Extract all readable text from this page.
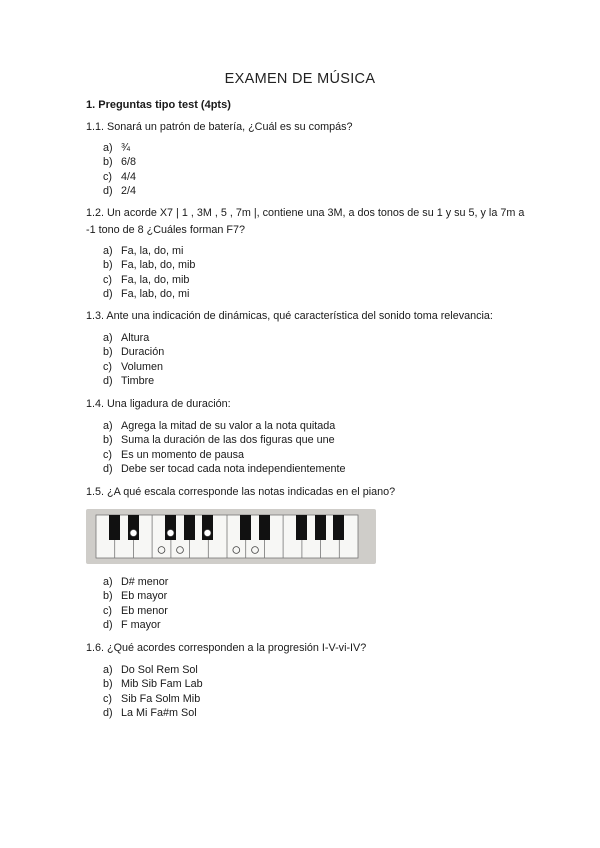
EXAMEN DE MÚSICA
1. Preguntas tipo test (4pts)
1.1. Sonará un patrón de batería, ¿Cuál es su compás?
a) ¾
b) 6/8
c) 4/4
d) 2/4
1.2. Un acorde X7 | 1 , 3M , 5 , 7m |, contiene una 3M, a dos tonos de su 1 y su 5, y la 7m a -1 tono de 8 ¿Cuáles forman F7?
a) Fa, la, do, mi
b) Fa, lab, do, mib
c) Fa, la, do, mib
d) Fa, lab, do, mi
1.3. Ante una indicación de dinámicas, qué característica del sonido toma relevancia:
a) Altura
b) Duración
c) Volumen
d) Timbre
1.4. Una ligadura de duración:
a) Agrega la mitad de su valor a la nota quitada
b) Suma la duración de las dos figuras que une
c) Es un momento de pausa
d) Debe ser tocad cada nota independientemente
1.5. ¿A qué escala corresponde las notas indicadas en el piano?
a) D# menor
b) Eb mayor
c) Eb menor
d) F mayor
1.6. ¿Qué acordes corresponden a la progresión I-V-vi-IV?
a) Do Sol Rem Sol
b) Mib Sib Fam Lab
c) Sib Fa Solm Mib
d) La Mi Fa#m Sol
